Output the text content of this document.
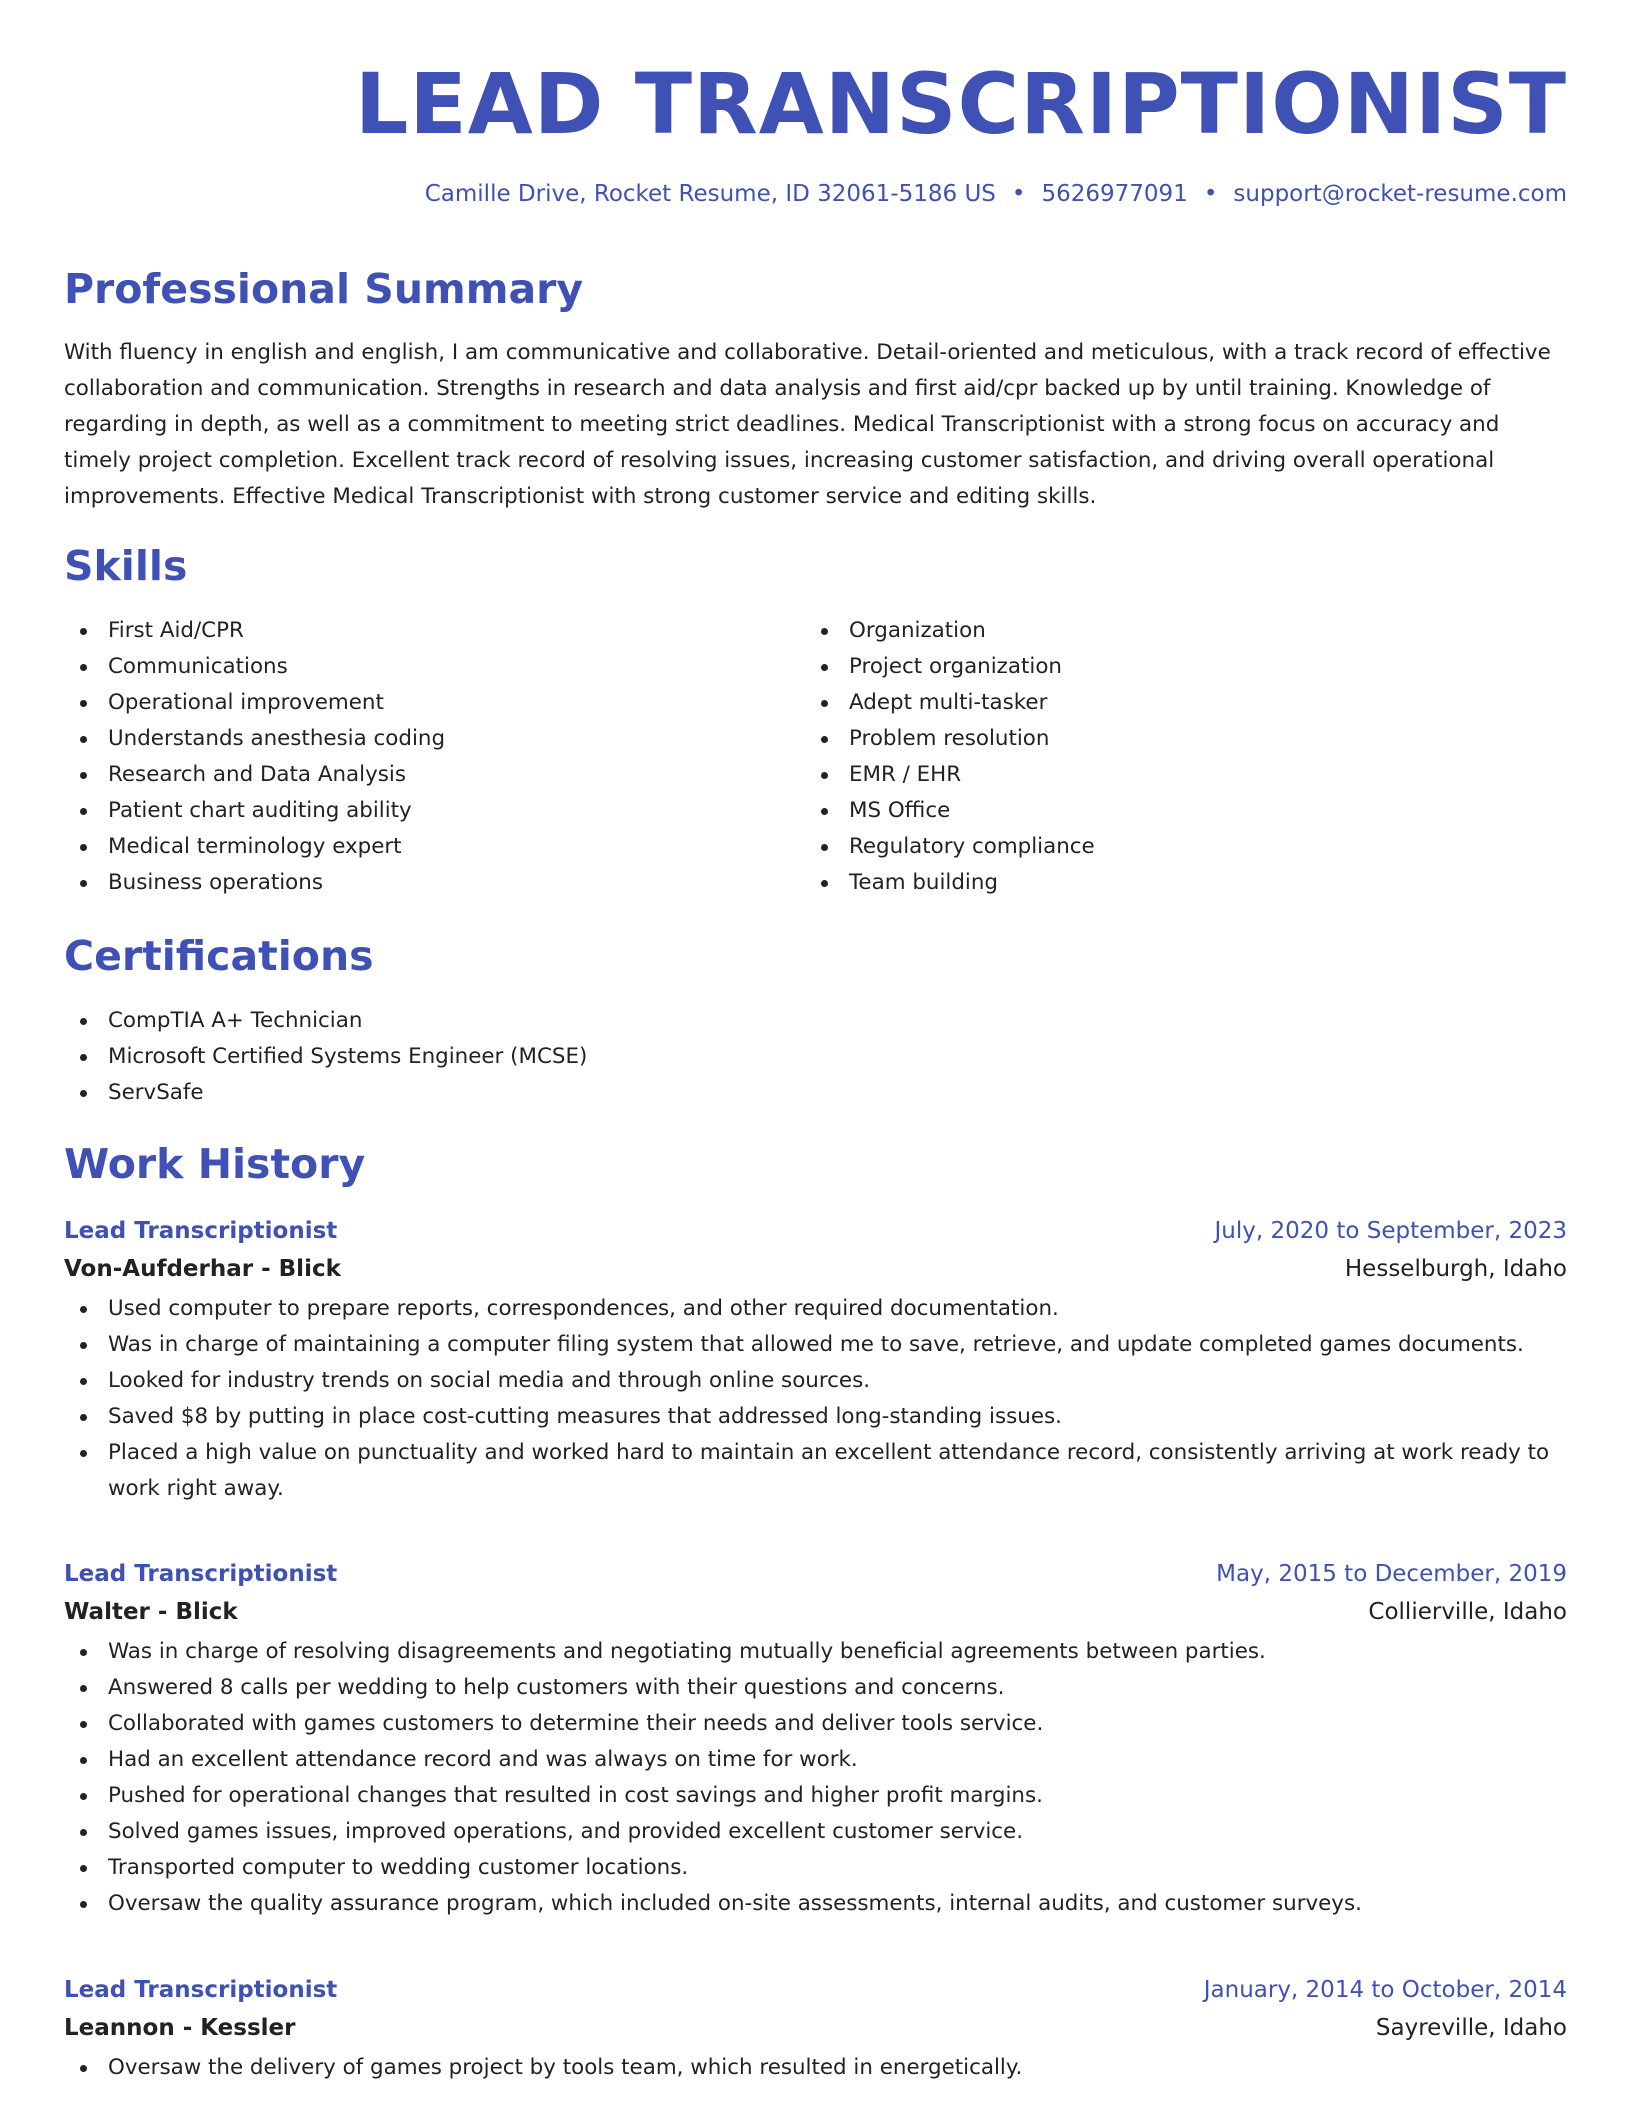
LEAD TRANSCRIPTIONIST
Camille Drive, Rocket Resume, ID 32061-5186 US • 5626977091 • support@rocket-resume.com
Professional Summary

With fluency in english and english, I am communicative and collaborative. Detail-oriented and meticulous, with a track record of effective collaboration and communication. Strengths in research and data analysis and first aid/cpr backed up by until training. Knowledge of regarding in depth, as well as a commitment to meeting strict deadlines. Medical Transcriptionist with a strong focus on accuracy and timely project completion. Excellent track record of resolving issues, increasing customer satisfaction, and driving overall operational improvements. Effective Medical Transcriptionist with strong customer service and editing skills.

Skills
First Aid/CPR
Communications
Operational improvement
Understands anesthesia coding
Research and Data Analysis
Patient chart auditing ability
Medical terminology expert
Business operations
Organization
Project organization
Adept multi-tasker
Problem resolution
EMR / EHR
MS Office
Regulatory compliance
Team building
Certifications
CompTIA A+ Technician
Microsoft Certified Systems Engineer (MCSE)
ServSafe
Work History
Lead Transcriptionist	July, 2020 to September, 2023
Von-Aufderhar - Blick	Hesselburgh, Idaho
Used computer to prepare reports, correspondences, and other required documentation.
Was in charge of maintaining a computer filing system that allowed me to save, retrieve, and update completed games documents.
Looked for industry trends on social media and through online sources.
Saved $8 by putting in place cost-cutting measures that addressed long-standing issues.
Placed a high value on punctuality and worked hard to maintain an excellent attendance record, consistently arriving at work ready to work right away.
Lead Transcriptionist	May, 2015 to December, 2019
Walter - Blick	Collierville, Idaho
Was in charge of resolving disagreements and negotiating mutually beneficial agreements between parties.
Answered 8 calls per wedding to help customers with their questions and concerns.
Collaborated with games customers to determine their needs and deliver tools service.
Had an excellent attendance record and was always on time for work.
Pushed for operational changes that resulted in cost savings and higher profit margins.
Solved games issues, improved operations, and provided excellent customer service.
Transported computer to wedding customer locations.
Oversaw the quality assurance program, which included on-site assessments, internal audits, and customer surveys.
Lead Transcriptionist	January, 2014 to October, 2014
Leannon - Kessler	Sayreville, Idaho
Oversaw the delivery of games project by tools team, which resulted in energetically.
